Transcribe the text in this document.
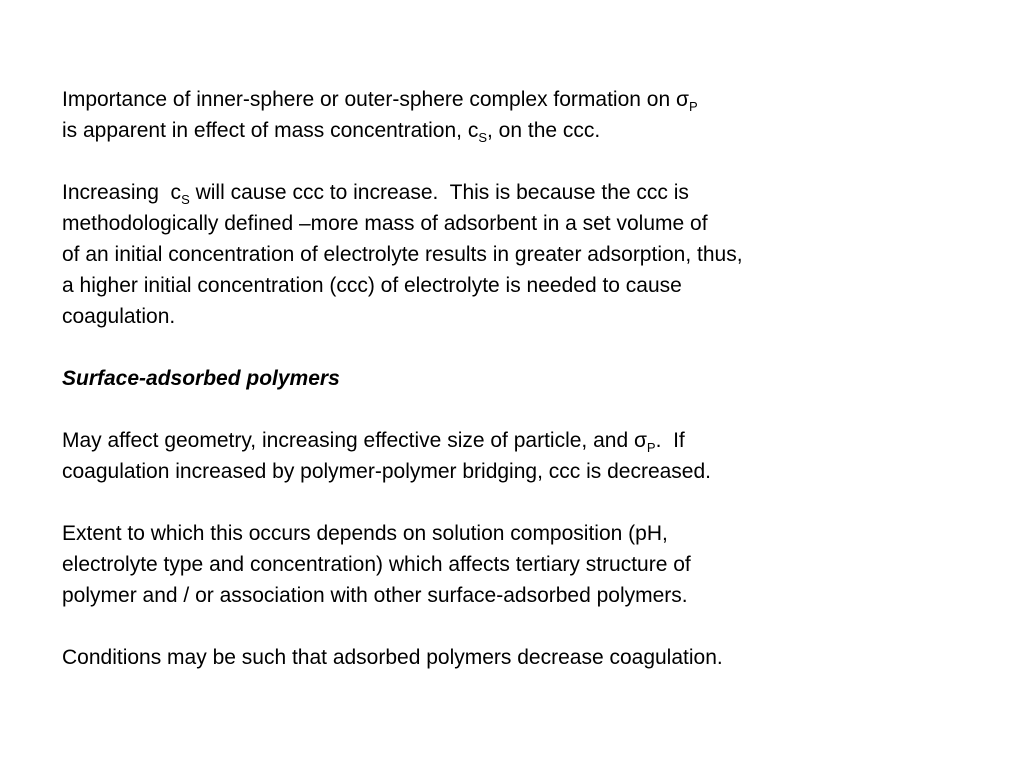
Importance of inner-sphere or outer-sphere complex formation on $\sigma_P$
is apparent in effect of mass concentration, $c_S$, on the ccc.
Increasing  $c_S$ will cause ccc to increase.  This is because the ccc is
methodologically defined –more mass of adsorbent in a set volume of
of an initial concentration of electrolyte results in greater adsorption, thus,
a higher initial concentration (ccc) of electrolyte is needed to cause
coagulation.
Surface-adsorbed polymers
May affect geometry, increasing effective size of particle, and $\sigma_P$.  If
coagulation increased by polymer-polymer bridging, ccc is decreased.
Extent to which this occurs depends on solution composition (pH,
electrolyte type and concentration) which affects tertiary structure of
polymer and / or association with other surface-adsorbed polymers.
Conditions may be such that adsorbed polymers decrease coagulation.
